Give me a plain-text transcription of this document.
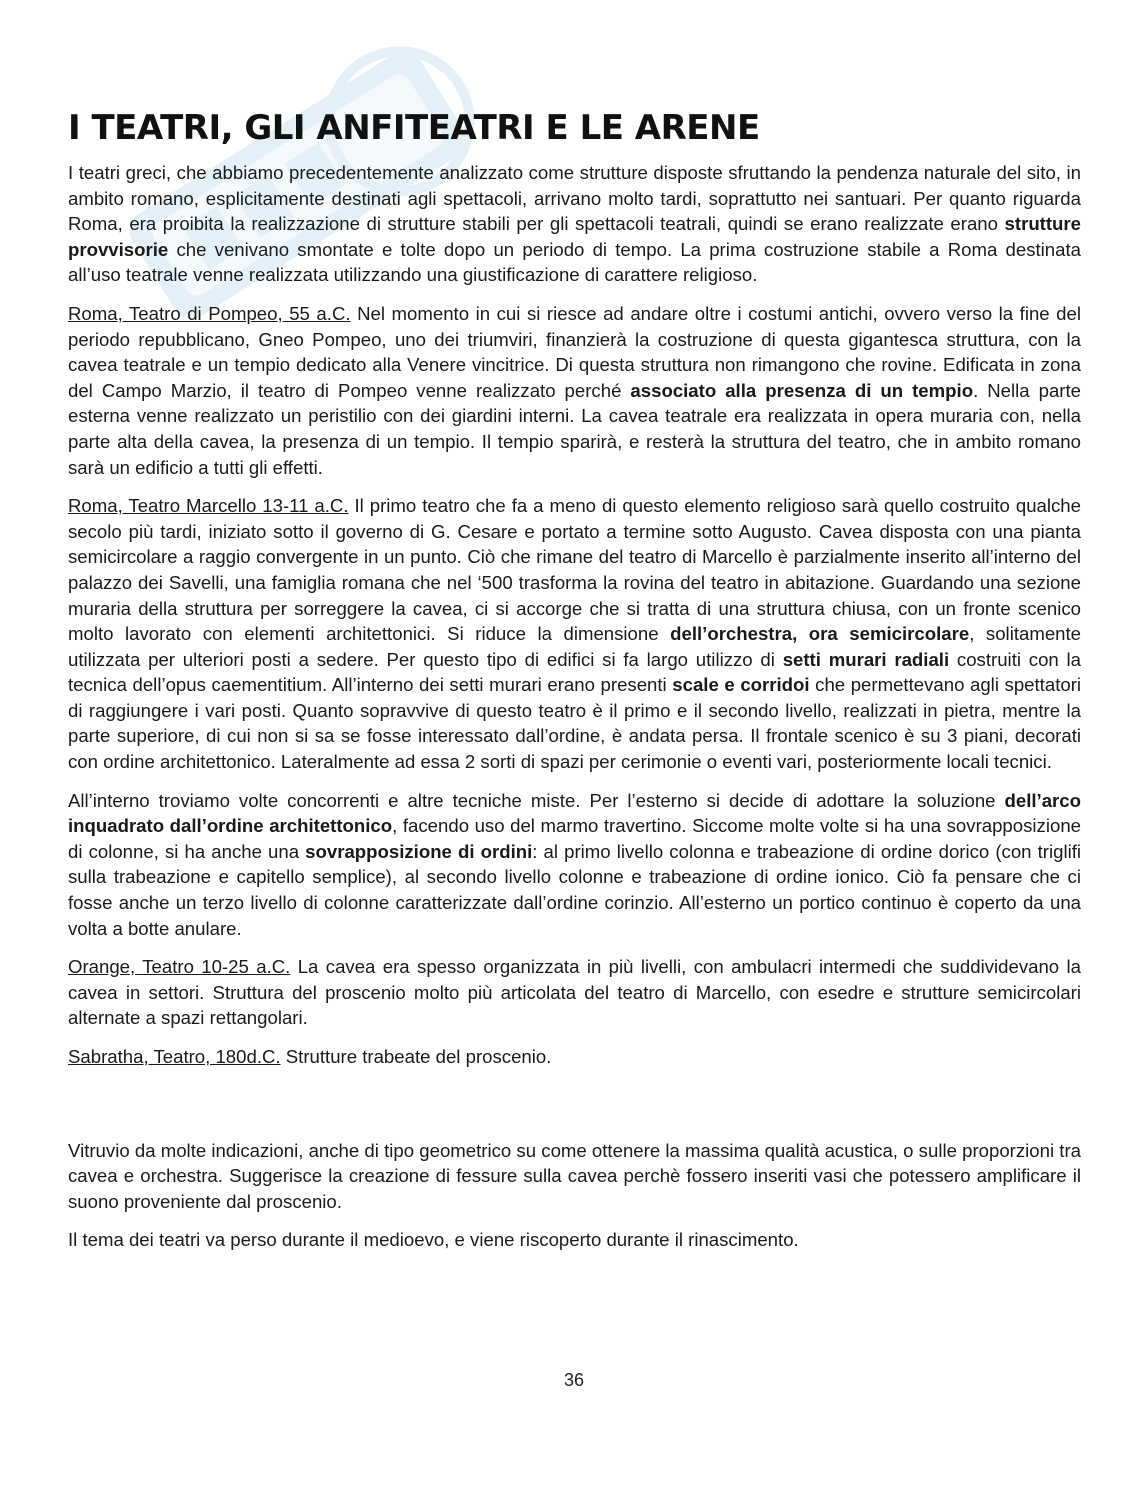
I TEATRI, GLI ANFITEATRI E LE ARENE

I teatri greci, che abbiamo precedentemente analizzato come strutture disposte sfruttando la pendenza naturale del sito, in ambito romano, esplicitamente destinati agli spettacoli, arrivano molto tardi, soprattutto nei santuari. Per quanto riguarda Roma, era proibita la realizzazione di strutture stabili per gli spettacoli teatrali, quindi se erano realizzate erano strutture provvisorie che venivano smontate e tolte dopo un periodo di tempo. La prima costruzione stabile a Roma destinata all’uso teatrale venne realizzata utilizzando una giustificazione di carattere religioso.

Roma, Teatro di Pompeo, 55 a.C. Nel momento in cui si riesce ad andare oltre i costumi antichi, ovvero verso la fine del periodo repubblicano, Gneo Pompeo, uno dei triumviri, finanzierà la costruzione di questa gigantesca struttura, con la cavea teatrale e un tempio dedicato alla Venere vincitrice. Di questa struttura non rimangono che rovine. Edificata in zona del Campo Marzio, il teatro di Pompeo venne realizzato perché associato alla presenza di un tempio. Nella parte esterna venne realizzato un peristilio con dei giardini interni. La cavea teatrale era realizzata in opera muraria con, nella parte alta della cavea, la presenza di un tempio. Il tempio sparirà, e resterà la struttura del teatro, che in ambito romano sarà un edificio a tutti gli effetti.

Roma, Teatro Marcello 13-11 a.C. Il primo teatro che fa a meno di questo elemento religioso sarà quello costruito qualche secolo più tardi, iniziato sotto il governo di G. Cesare e portato a termine sotto Augusto. Cavea disposta con una pianta semicircolare a raggio convergente in un punto. Ciò che rimane del teatro di Marcello è parzialmente inserito all’interno del palazzo dei Savelli, una famiglia romana che nel ‘500 trasforma la rovina del teatro in abitazione. Guardando una sezione muraria della struttura per sorreggere la cavea, ci si accorge che si tratta di una struttura chiusa, con un fronte scenico molto lavorato con elementi architettonici. Si riduce la dimensione dell’orchestra, ora semicircolare, solitamente utilizzata per ulteriori posti a sedere. Per questo tipo di edifici si fa largo utilizzo di setti murari radiali costruiti con la tecnica dell’opus caementitium. All’interno dei setti murari erano presenti scale e corridoi che permettevano agli spettatori di raggiungere i vari posti. Quanto sopravvive di questo teatro è il primo e il secondo livello, realizzati in pietra, mentre la parte superiore, di cui non si sa se fosse interessato dall’ordine, è andata persa. Il frontale scenico è su 3 piani, decorati con ordine architettonico. Lateralmente ad essa 2 sorti di spazi per cerimonie o eventi vari, posteriormente locali tecnici.

All’interno troviamo volte concorrenti e altre tecniche miste. Per l’esterno si decide di adottare la soluzione dell’arco inquadrato dall’ordine architettonico, facendo uso del marmo travertino. Siccome molte volte si ha una sovrapposizione di colonne, si ha anche una sovrapposizione di ordini: al primo livello colonna e trabeazione di ordine dorico (con triglifi sulla trabeazione e capitello semplice), al secondo livello colonne e trabeazione di ordine ionico. Ciò fa pensare che ci fosse anche un terzo livello di colonne caratterizzate dall’ordine corinzio. All’esterno un portico continuo è coperto da una volta a botte anulare.

Orange, Teatro 10-25 a.C. La cavea era spesso organizzata in più livelli, con ambulacri intermedi che suddividevano la cavea in settori. Struttura del proscenio molto più articolata del teatro di Marcello, con esedre e strutture semicircolari alternate a spazi rettangolari.

Sabratha, Teatro, 180d.C. Strutture trabeate del proscenio.

Vitruvio da molte indicazioni, anche di tipo geometrico su come ottenere la massima qualità acustica, o sulle proporzioni tra cavea e orchestra. Suggerisce la creazione di fessure sulla cavea perchè fossero inseriti vasi che potessero amplificare il suono proveniente dal proscenio.

Il tema dei teatri va perso durante il medioevo, e viene riscoperto durante il rinascimento.

36
